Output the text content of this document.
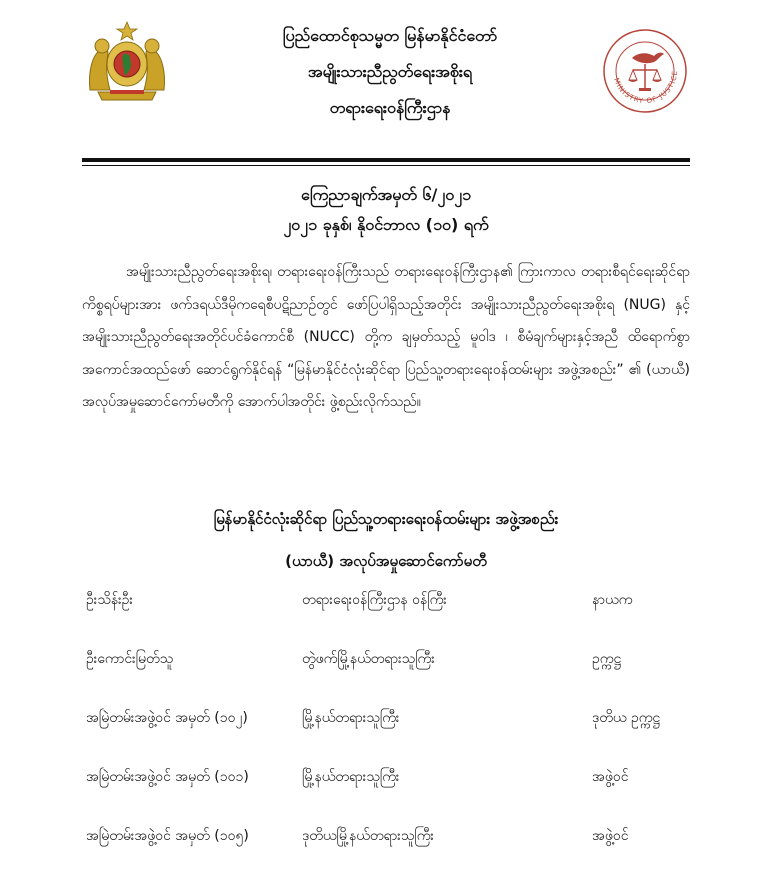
MINISTRY OF JUSTICE
ပြည်ထောင်စုသမ္မတ မြန်မာနိုင်ငံတော်
အမျိုးသားညီညွတ်ရေးအစိုးရ
တရားရေးဝန်ကြီးဌာန
ကြေညာချက်အမှတ် ၆/၂၀၂၁
၂၀၂၁ ခုနှစ်၊ နိုဝင်ဘာလ (၁၀) ရက်

အမျိုးသားညီညွတ်ရေးအစိုးရ၊ တရားရေးဝန်ကြီးသည် တရားရေးဝန်ကြီးဌာန၏ ကြားကာလ တရားစီရင်ရေးဆိုင်ရာကိစ္စရပ်များအား ဖက်ဒရယ်ဒီမိုကရေစီပဋိညာဉ်တွင် ဖော်ပြပါရှိသည့်အတိုင်း အမျိုးသားညီညွတ်ရေးအစိုးရ (NUG) နှင့် အမျိုးသားညီညွတ်ရေးအတိုင်ပင်ခံကောင်စီ (NUCC) တို့က ချမှတ်သည့် မူဝါဒ ၊ စီမံချက်များနှင့်အညီ ထိရောက်စွာ အကောင်အထည်ဖော် ဆောင်ရွက်နိုင်ရန် “မြန်မာနိုင်ငံလုံးဆိုင်ရာ ပြည်သူ့တရားရေးဝန်ထမ်းများ အဖွဲ့အစည်း” ၏ (ယာယီ) အလုပ်အမှုဆောင်ကော်မတီကို အောက်ပါအတိုင်း ဖွဲ့စည်းလိုက်သည်။

မြန်မာနိုင်ငံလုံးဆိုင်ရာ ပြည်သူ့တရားရေးဝန်ထမ်းများ အဖွဲ့အစည်း
(ယာယီ) အလုပ်အမှုဆောင်ကော်မတီ
ဦးသိန်းဦး	တရားရေးဝန်ကြီးဌာန ဝန်ကြီး	နာယက
ဦးကောင်းမြတ်သူ	တွဲဖက်မြို့နယ်တရားသူကြီး	ဥက္ကဋ္ဌ
အမြဲတမ်းအဖွဲ့ဝင် အမှတ် (၁၀၂)	မြို့နယ်တရားသူကြီး	ဒုတိယ ဥက္ကဋ္ဌ
အမြဲတမ်းအဖွဲ့ဝင် အမှတ် (၁၀၁)	မြို့နယ်တရားသူကြီး	အဖွဲ့ဝင်
အမြဲတမ်းအဖွဲ့ဝင် အမှတ် (၁၀၅)	ဒုတိယမြို့နယ်တရားသူကြီး	အဖွဲ့ဝင်
